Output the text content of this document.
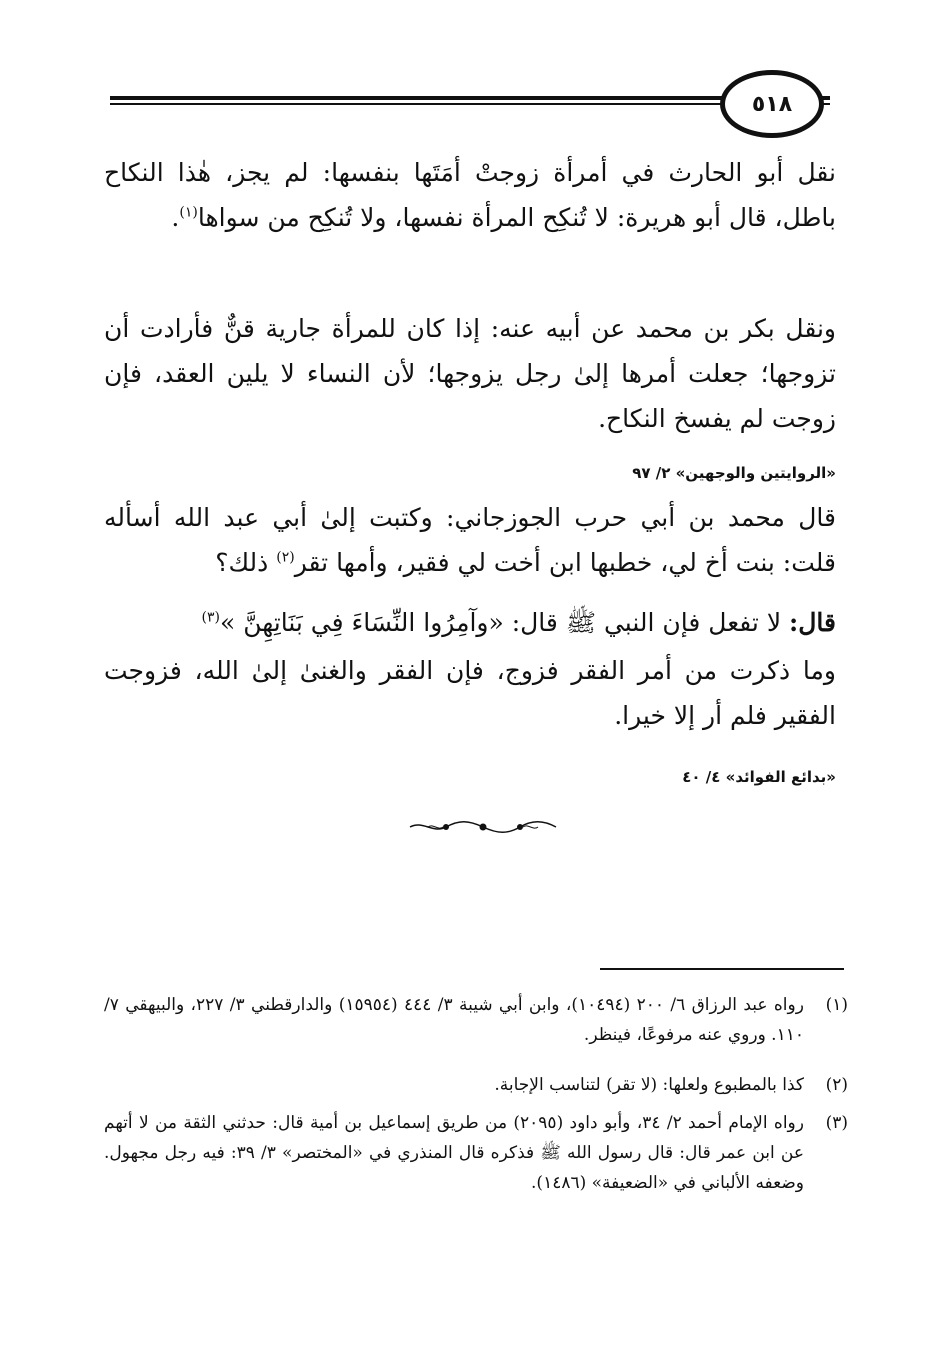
٥١٨
نقل أبو الحارث في أمرأة زوجتْ أمَتَها بنفسها: لم يجز، هٰذا النكاح باطل، قال أبو هريرة: لا تُنكِح المرأة نفسها، ولا تُنكِح من سواها$^{(١)}$.
ونقل بكر بن محمد عن أبيه عنه: إذا كان للمرأة جارية قنٌّ فأرادت أن تزوجها؛ جعلت أمرها إلىٰ رجل يزوجها؛ لأن النساء لا يلين العقد، فإن زوجت لم يفسخ النكاح.
«الروايتين والوجهين» ٢/ ٩٧
قال محمد بن أبي حرب الجوزجاني: وكتبت إلىٰ أبي عبد الله أسأله قلت: بنت أخ لي، خطبها ابن أخت لي فقير، وأمها تقر$^{(٢)}$ ذلك؟
قال: لا تفعل فإن النبي ﷺ قال: «وآمِرُوا النِّسَاءَ فِي بَنَاتِهِنَّ »$^{(٣)}$
وما ذكرت من أمر الفقر فزوج، فإن الفقر والغنىٰ إلىٰ الله، فزوجت الفقير فلم أر إلا خيرا.
«بدائع الفوائد» ٤/ ٤٠
(١)
رواه عبد الرزاق ٦/ ٢٠٠ (١٠٤٩٤)، وابن أبي شيبة ٣/ ٤٤٤ (١٥٩٥٤) والدارقطني ٣/ ٢٢٧، والبيهقي ٧/ ١١٠. وروي عنه مرفوعًا، فينظر.
(٢)
كذا بالمطبوع ولعلها: (لا تقر) لتناسب الإجابة.
(٣)
رواه الإمام أحمد ٢/ ٣٤، وأبو داود (٢٠٩٥) من طريق إسماعيل بن أمية قال: حدثني الثقة من لا أتهم عن ابن عمر قال: قال رسول الله ﷺ فذكره قال المنذري في «المختصر» ٣/ ٣٩: فيه رجل مجهول. وضعفه الألباني في «الضعيفة» (١٤٨٦).
